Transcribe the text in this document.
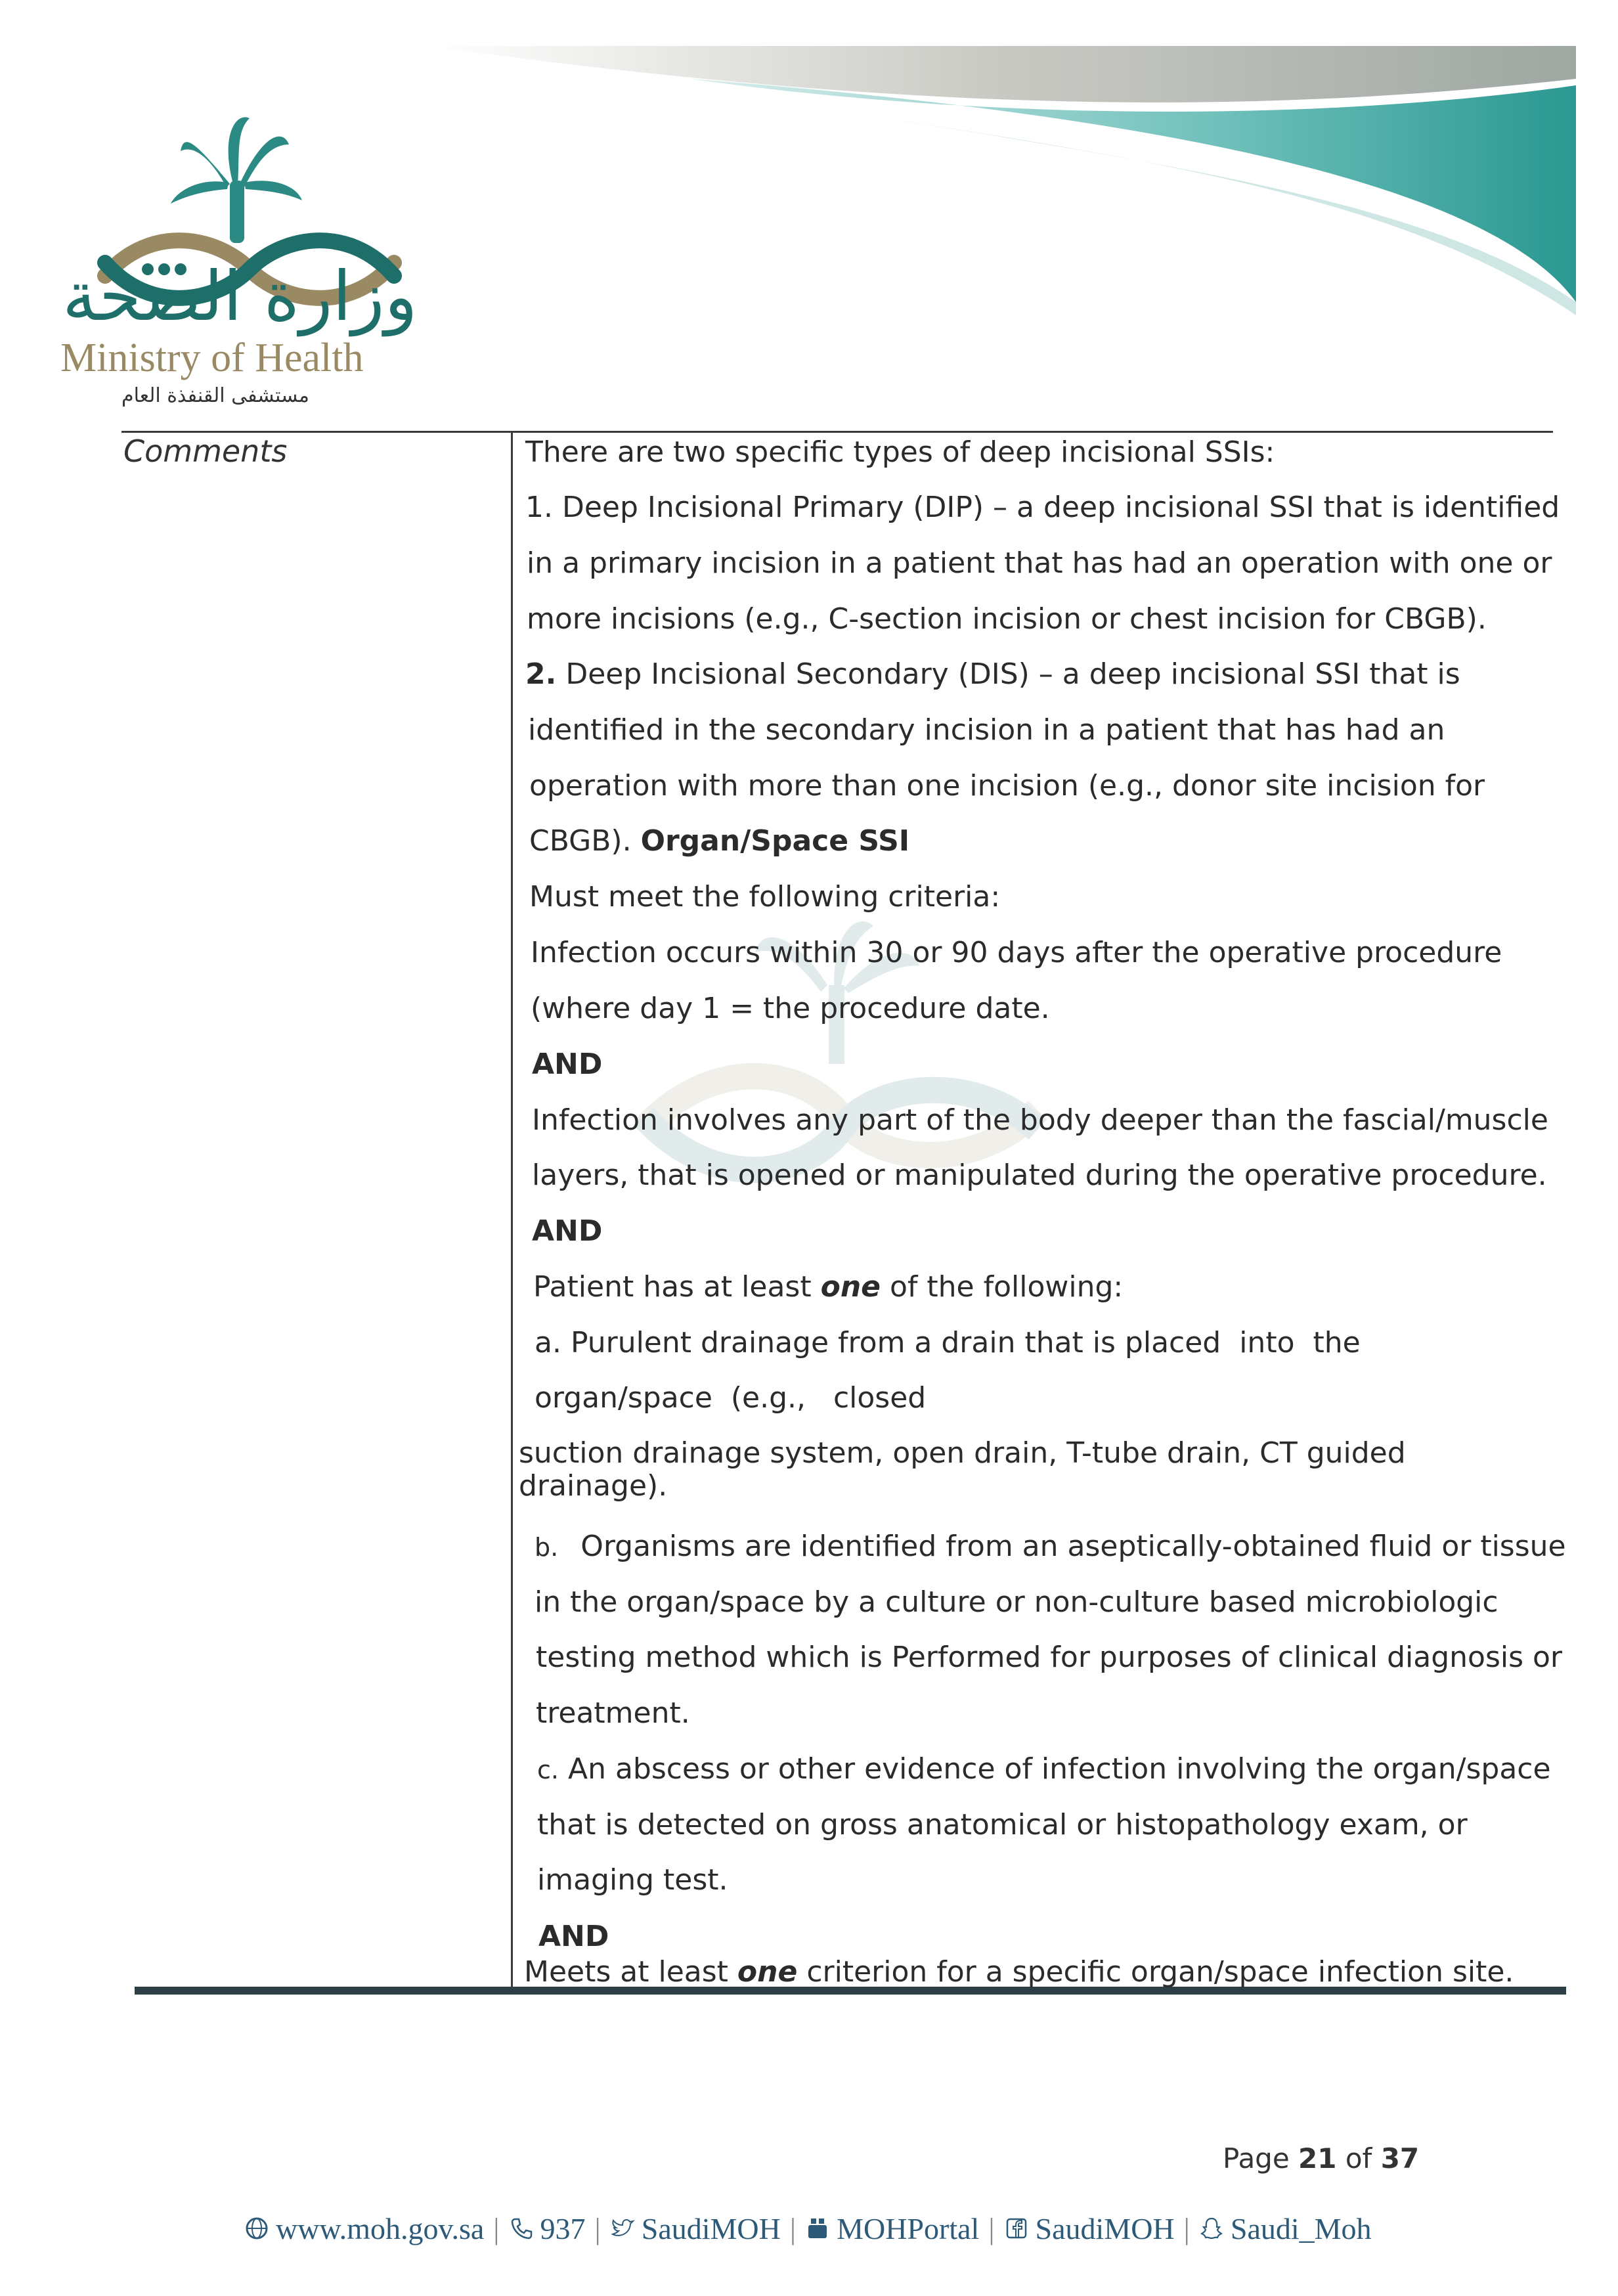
وزارة الصحة
Ministry of Health
مستشفى القنفذة العام
Comments	There are two specific types of deep incisional SSIs:
1. Deep Incisional Primary (DIP) – a deep incisional SSI that is identified
in a primary incision in a patient that has had an operation with one or
more incisions (e.g., C-section incision or chest incision for CBGB).
2. Deep Incisional Secondary (DIS) – a deep incisional SSI that is
identified in the secondary incision in a patient that has had an
operation with more than one incision (e.g., donor site incision for
CBGB). Organ/Space SSI
Must meet the following criteria:
Infection occurs within 30 or 90 days after the operative procedure
(where day 1 = the procedure date.
AND
Infection involves any part of the body deeper than the fascial/muscle
layers, that is opened or manipulated during the operative procedure.
AND
Patient has at least one of the following:
a. Purulent drainage from a drain that is placed  into  the
organ/space  (e.g.,   closed
suction drainage system, open drain, T-tube drain, CT guided
drainage).
b. Organisms are identified from an aseptically-obtained fluid or tissue
in the organ/space by a culture or non-culture based microbiologic
testing method which is Performed for purposes of clinical diagnosis or
treatment.
c. An abscess or other evidence of infection involving the organ/space
that is detected on gross anatomical or histopathology exam, or
imaging test.
AND
Meets at least one criterion for a specific organ/space infection site.
Page 21 of 37
www.moh.gov.sa | 937 | SaudiMOH | MOHPortal | SaudiMOH | Saudi_Moh
